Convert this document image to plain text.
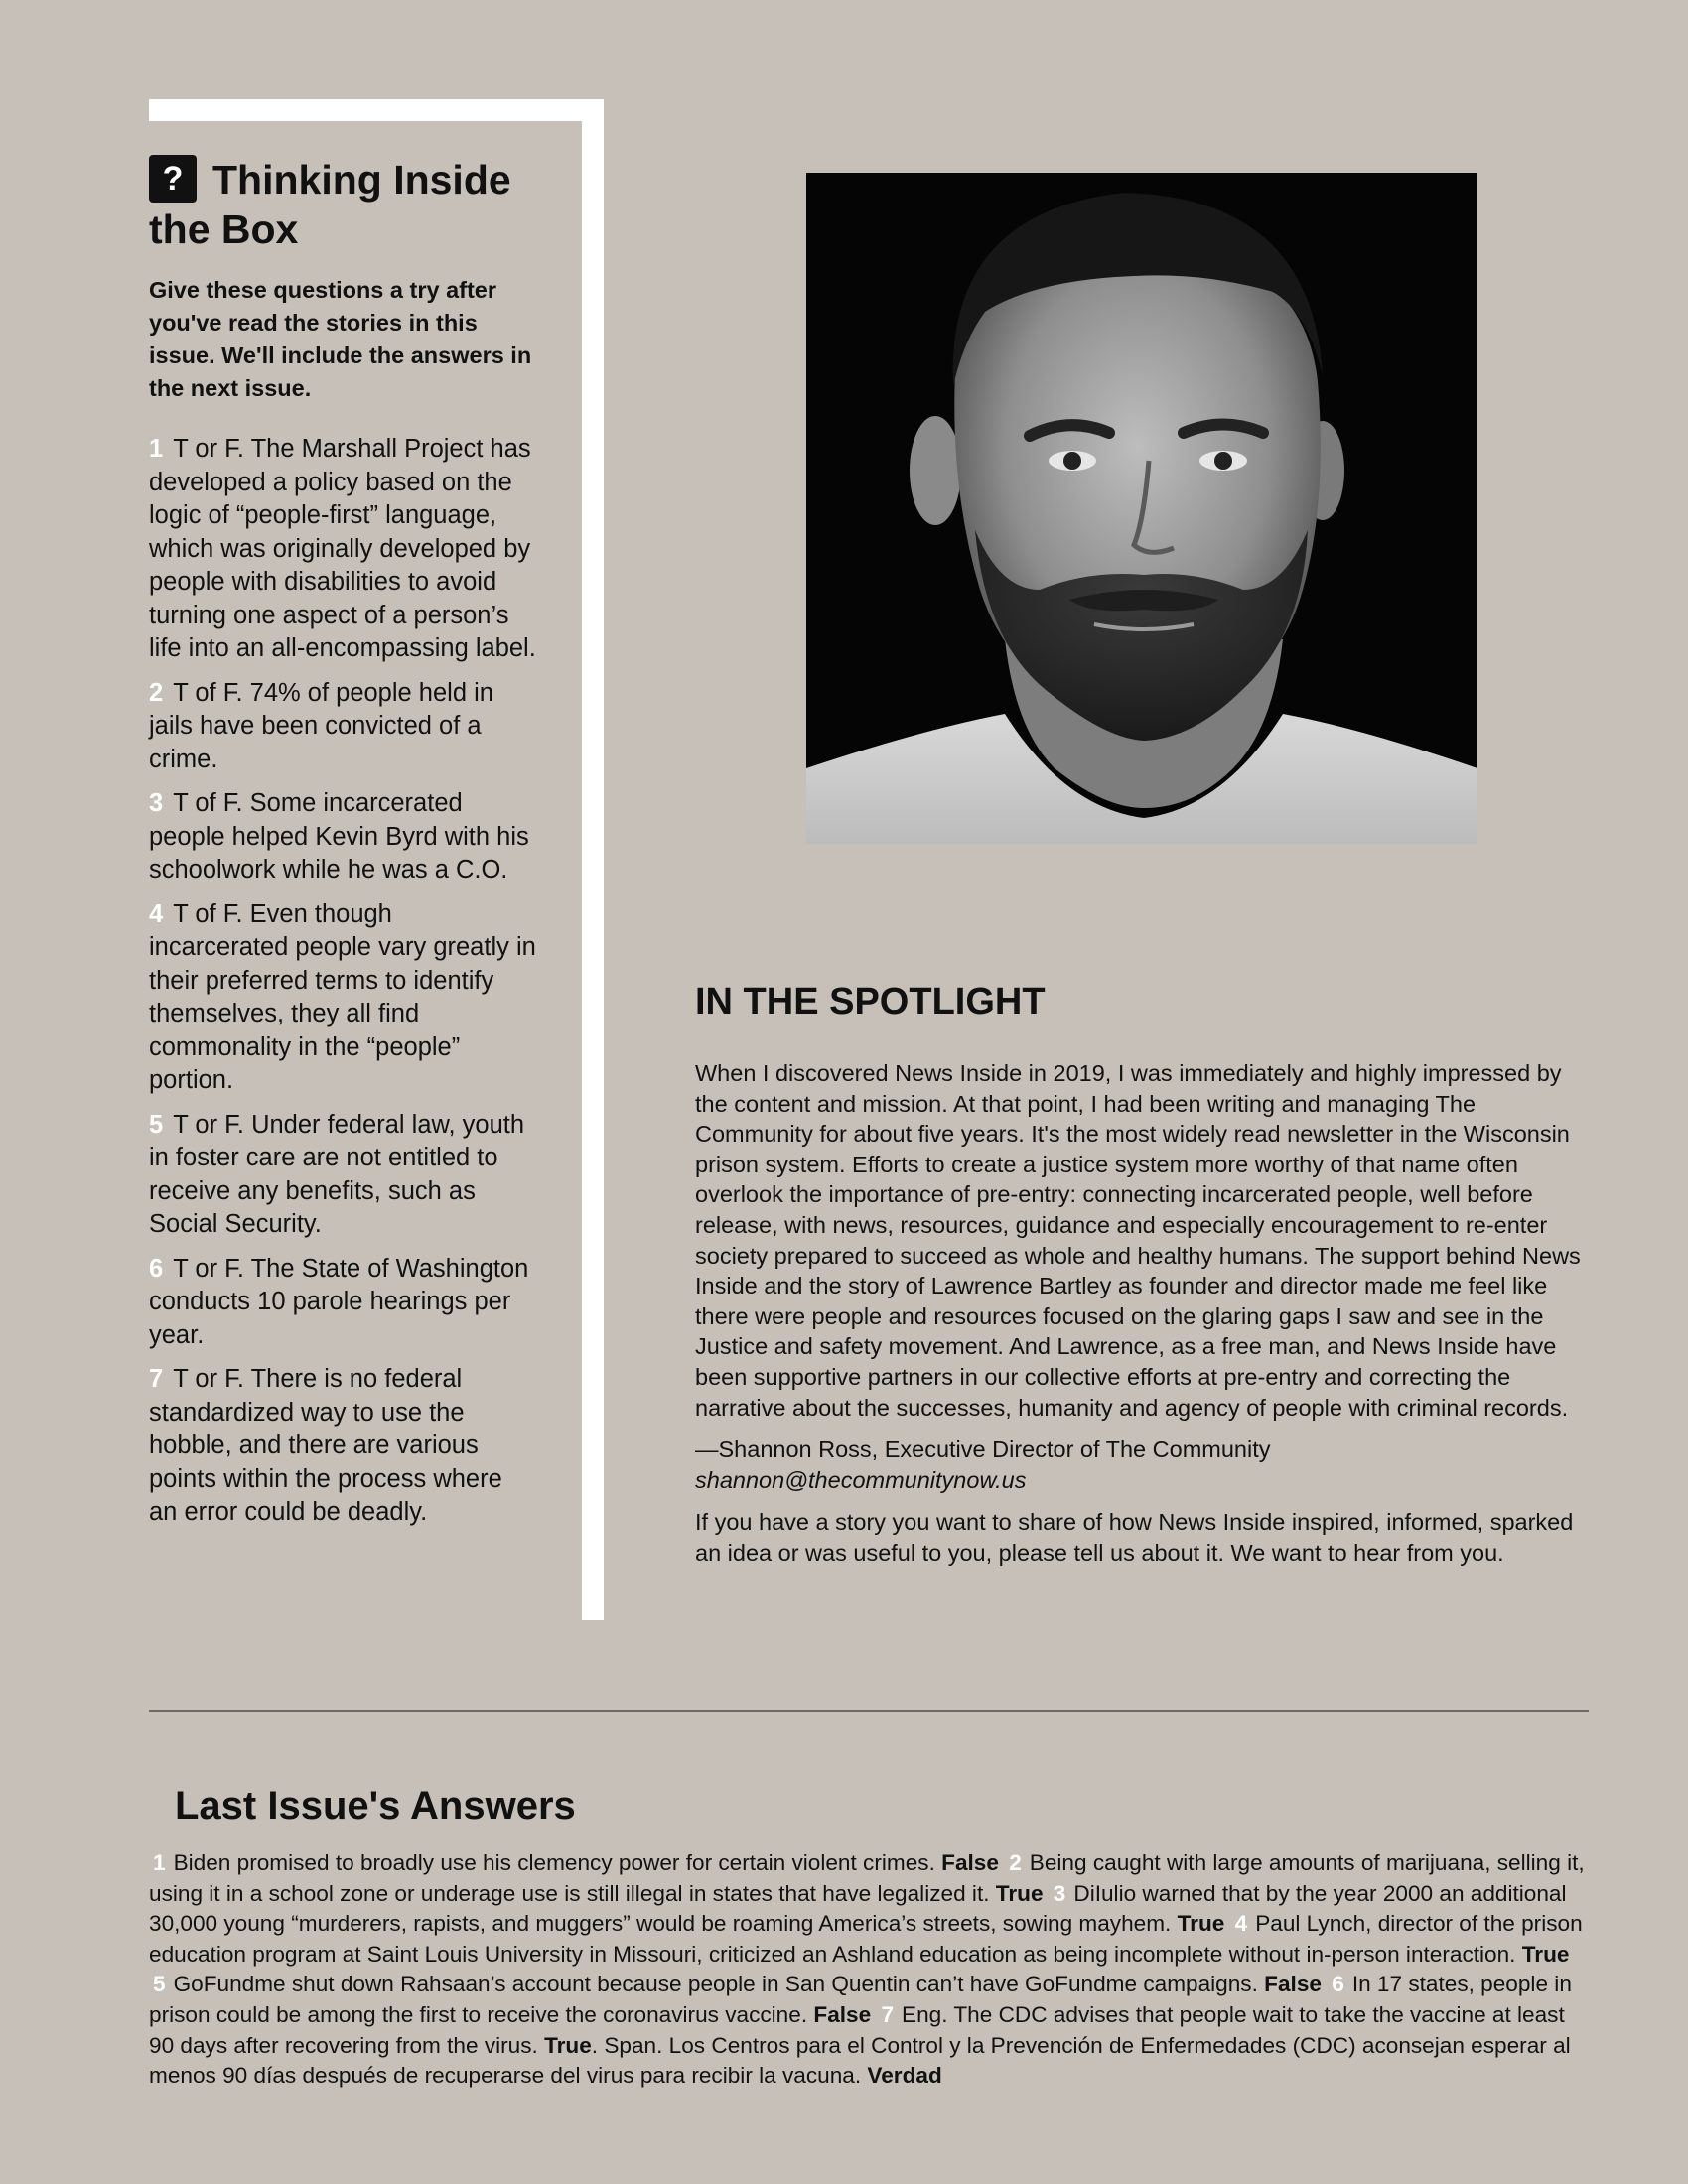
? Thinking Inside the Box

Give these questions a try after you've read the stories in this issue. We'll include the answers in the next issue.

1 T or F. The Marshall Project has developed a policy based on the logic of “people-first” language, which was originally developed by people with disabilities to avoid turning one aspect of a person’s life into an all-encompassing label.

2 T of F. 74% of people held in jails have been convicted of a crime.

3 T of F. Some incarcerated people helped Kevin Byrd with his schoolwork while he was a C.O.

4 T of F. Even though incarcerated people vary greatly in their preferred terms to identify themselves, they all find commonality in the “people” portion.

5 T or F. Under federal law, youth in foster care are not entitled to receive any benefits, such as Social Security.

6 T or F. The State of Washington conducts 10 parole hearings per year.

7 T or F. There is no federal standardized way to use the hobble, and there are various points within the process where an error could be deadly.

IN THE SPOTLIGHT

When I discovered News Inside in 2019, I was immediately and highly impressed by the content and mission. At that point, I had been writing and managing The Community for about five years. It's the most widely read newsletter in the Wisconsin prison system. Efforts to create a justice system more worthy of that name often overlook the importance of pre-entry: connecting incarcerated people, well before release, with news, resources, guidance and especially encouragement to re-enter society prepared to succeed as whole and healthy humans. The support behind News Inside and the story of Lawrence Bartley as founder and director made me feel like there were people and resources focused on the glaring gaps I saw and see in the Justice and safety movement. And Lawrence, as a free man, and News Inside have been supportive partners in our collective efforts at pre-entry and correcting the narrative about the successes, humanity and agency of people with criminal records.

—Shannon Ross, Executive Director of The Community
shannon@thecommunitynow.us

If you have a story you want to share of how News Inside inspired, informed, sparked an idea or was useful to you, please tell us about it. We want to hear from you.

Last Issue's Answers

1 Biden promised to broadly use his clemency power for certain violent crimes. False 2 Being caught with large amounts of marijuana, selling it, using it in a school zone or underage use is still illegal in states that have legalized it. True 3 DiIulio warned that by the year 2000 an additional 30,000 young “murderers, rapists, and muggers” would be roaming America’s streets, sowing mayhem. True 4 Paul Lynch, director of the prison education program at Saint Louis University in Missouri, criticized an Ashland education as being incomplete without in-person interaction. True 5 GoFundme shut down Rahsaan’s account because people in San Quentin can’t have GoFundme campaigns. False 6 In 17 states, people in prison could be among the first to receive the coronavirus vaccine. False 7 Eng. The CDC advises that people wait to take the vaccine at least 90 days after recovering from the virus. True. Span. Los Centros para el Control y la Prevención de Enfermedades (CDC) aconsejan esperar al menos 90 días después de recuperarse del virus para recibir la vacuna. Verdad
